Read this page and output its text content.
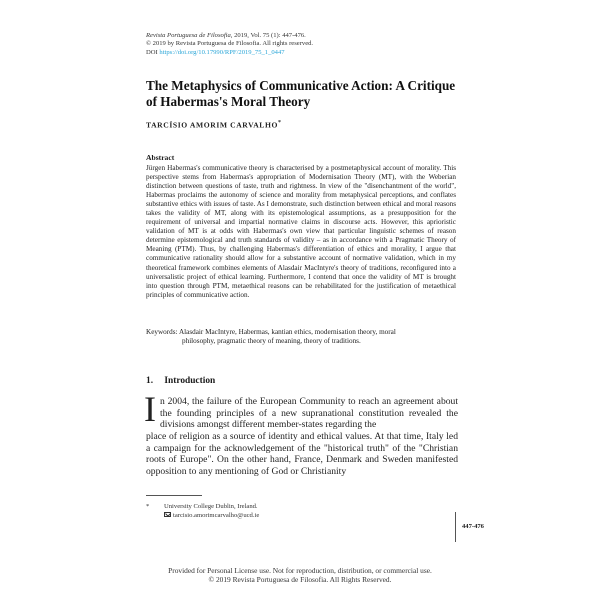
Revista Portuguesa de Filosofia, 2019, Vol. 75 (1): 447-476.
© 2019 by Revista Portuguesa de Filosofia. All rights reserved.
DOI https://doi.org/10.17990/RPF/2019_75_1_0447
The Metaphysics of Communicative Action: A Critique of Habermas's Moral Theory
TARCÍSIO AMORIM CARVALHO*
Abstract
Jürgen Habermas's communicative theory is characterised by a postmetaphysical account of morality. This perspective stems from Habermas's appropriation of Modernisation Theory (MT), with the Weberian distinction between questions of taste, truth and rightness. In view of the "disenchantment of the world", Habermas proclaims the autonomy of science and morality from metaphysical perceptions, and conflates substantive ethics with issues of taste. As I demonstrate, such distinction between ethical and moral reasons takes the validity of MT, along with its epistemological assumptions, as a presupposition for the requirement of universal and impartial normative claims in discourse acts. However, this aprioristic validation of MT is at odds with Habermas's own view that particular linguistic schemes of reason determine epistemological and truth standards of validity – as in accordance with a Pragmatic Theory of Meaning (PTM). Thus, by challenging Habermas's differentiation of ethics and morality, I argue that communicative rationality should allow for a substantive account of normative validation, which in my theoretical framework combines elements of Alasdair MacIntyre's theory of traditions, reconfigured into a universalistic project of ethical learning. Furthermore, I contend that once the validity of MT is brought into question through PTM, metaethical reasons can be rehabilitated for the justification of metaethical principles of communicative action.
Keywords: Alasdair MacIntyre, Habermas, kantian ethics, modernisation theory, moral
philosophy, pragmatic theory of meaning, theory of traditions.
1. Introduction
I n 2004, the failure of the European Community to reach an agreement about the founding principles of a new supranational constitution revealed the divisions amongst different member-states regarding the
place of religion as a source of identity and ethical values. At that time, Italy led a campaign for the acknowledgement of the "historical truth" of the "Christian roots of Europe". On the other hand, France, Denmark and Sweden manifested opposition to any mentioning of God or Christianity
* University College Dublin, Ireland.
tarcisio.amorimcarvalho@ucd.ie
447-476
Provided for Personal License use. Not for reproduction, distribution, or commercial use.
© 2019 Revista Portuguesa de Filosofia. All Rights Reserved.
